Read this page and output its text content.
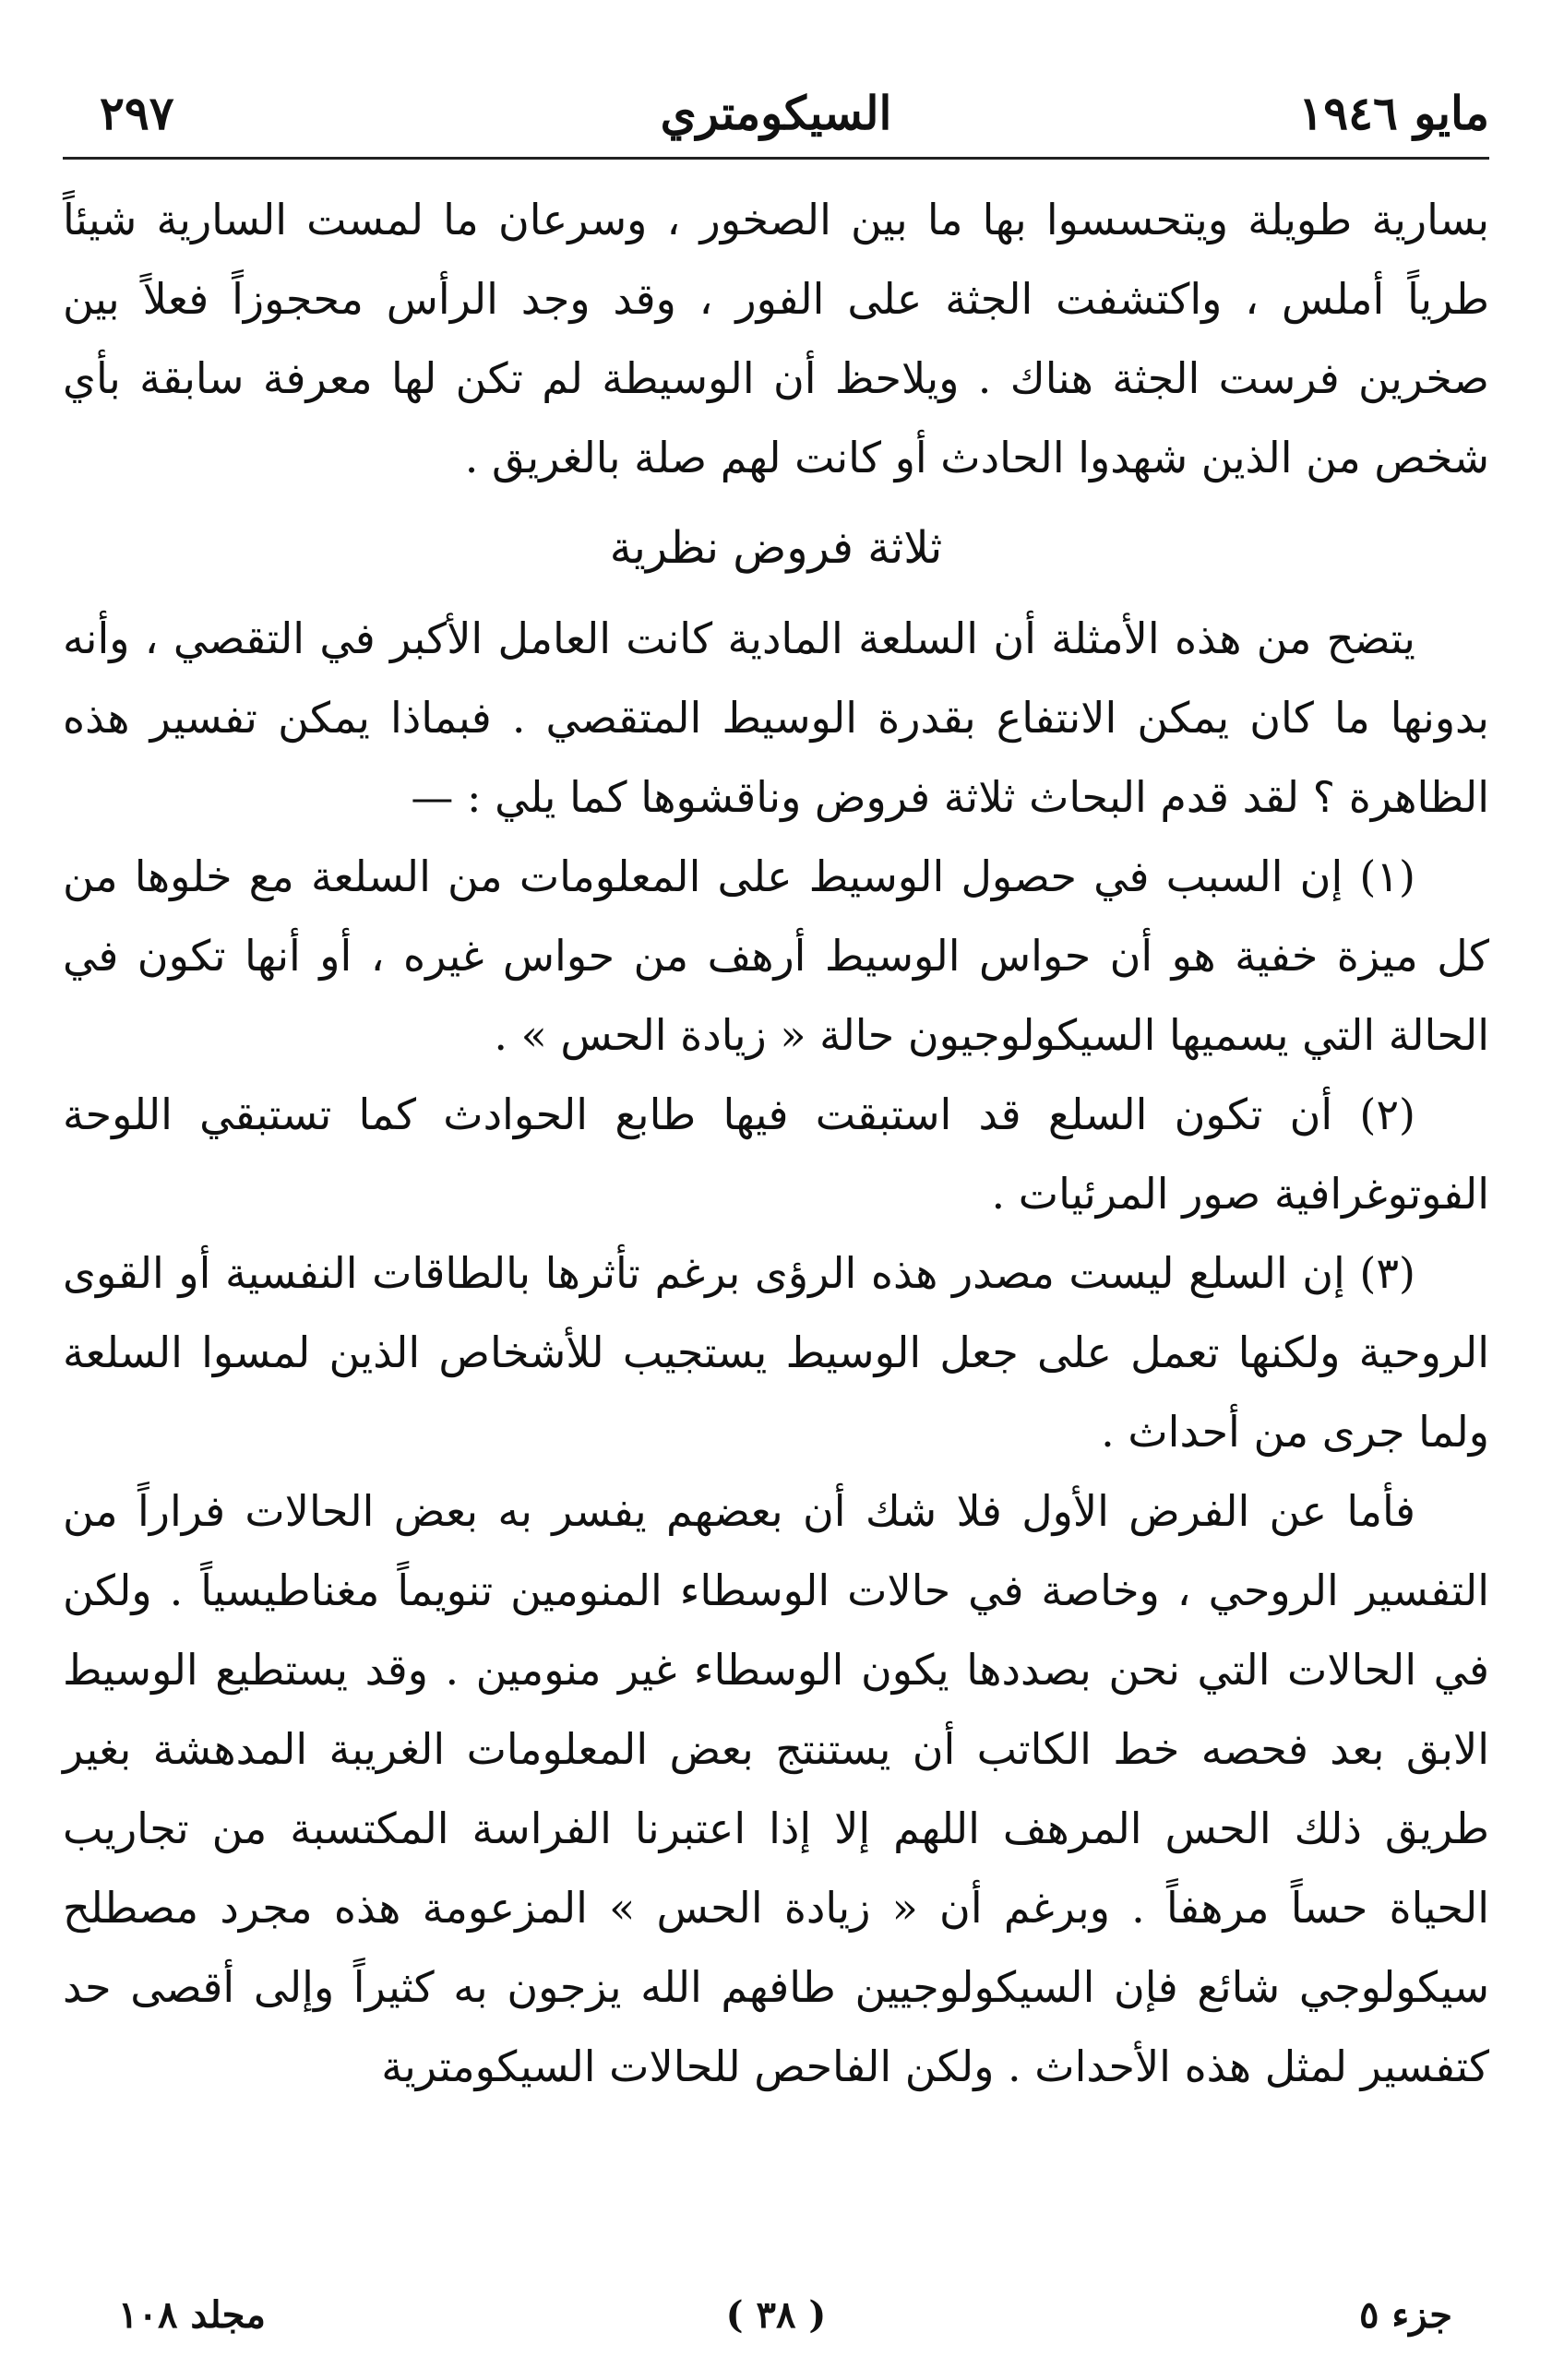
مايو ١٩٤٦
السيكومتري
٢٩٧

بسارية طويلة ويتحسسوا بها ما بين الصخور ، وسرعان ما لمست السارية شيئاً طرياً أملس ، واكتشفت الجثة على الفور ، وقد وجد الرأس محجوزاً فعلاً بين صخرين فرست الجثة هناك . ويلاحظ أن الوسيطة لم تكن لها معرفة سابقة بأي شخص من الذين شهدوا الحادث أو كانت لهم صلة بالغريق .

ثلاثة فروض نظرية

يتضح من هذه الأمثلة أن السلعة المادية كانت العامل الأكبر في التقصي ، وأنه بدونها ما كان يمكن الانتفاع بقدرة الوسيط المتقصي . فبماذا يمكن تفسير هذه الظاهرة ؟ لقد قدم البحاث ثلاثة فروض وناقشوها كما يلي : —

(١) إن السبب في حصول الوسيط على المعلومات من السلعة مع خلوها من كل ميزة خفية هو أن حواس الوسيط أرهف من حواس غيره ، أو أنها تكون في الحالة التي يسميها السيكولوجيون حالة « زيادة الحس » .

(٢) أن تكون السلع قد استبقت فيها طابع الحوادث كما تستبقي اللوحة الفوتوغرافية صور المرئيات .

(٣) إن السلع ليست مصدر هذه الرؤى برغم تأثرها بالطاقات النفسية أو القوى الروحية ولكنها تعمل على جعل الوسيط يستجيب للأشخاص الذين لمسوا السلعة ولما جرى من أحداث .

فأما عن الفرض الأول فلا شك أن بعضهم يفسر به بعض الحالات فراراً من التفسير الروحي ، وخاصة في حالات الوسطاء المنومين تنويماً مغناطيسياً . ولكن في الحالات التي نحن بصددها يكون الوسطاء غير منومين . وقد يستطيع الوسيط الابق بعد فحصه خط الكاتب أن يستنتج بعض المعلومات الغريبة المدهشة بغير طريق ذلك الحس المرهف اللهم إلا إذا اعتبرنا الفراسة المكتسبة من تجاريب الحياة حساً مرهفاً . وبرغم أن « زيادة الحس » المزعومة هذه مجرد مصطلح سيكولوجي شائع فإن السيكولوجيين طافهم الله يزجون به كثيراً وإلى أقصى حد كتفسير لمثل هذه الأحداث . ولكن الفاحص للحالات السيكومترية

جزء ٥
( ٣٨ )
مجلد ١٠٨
